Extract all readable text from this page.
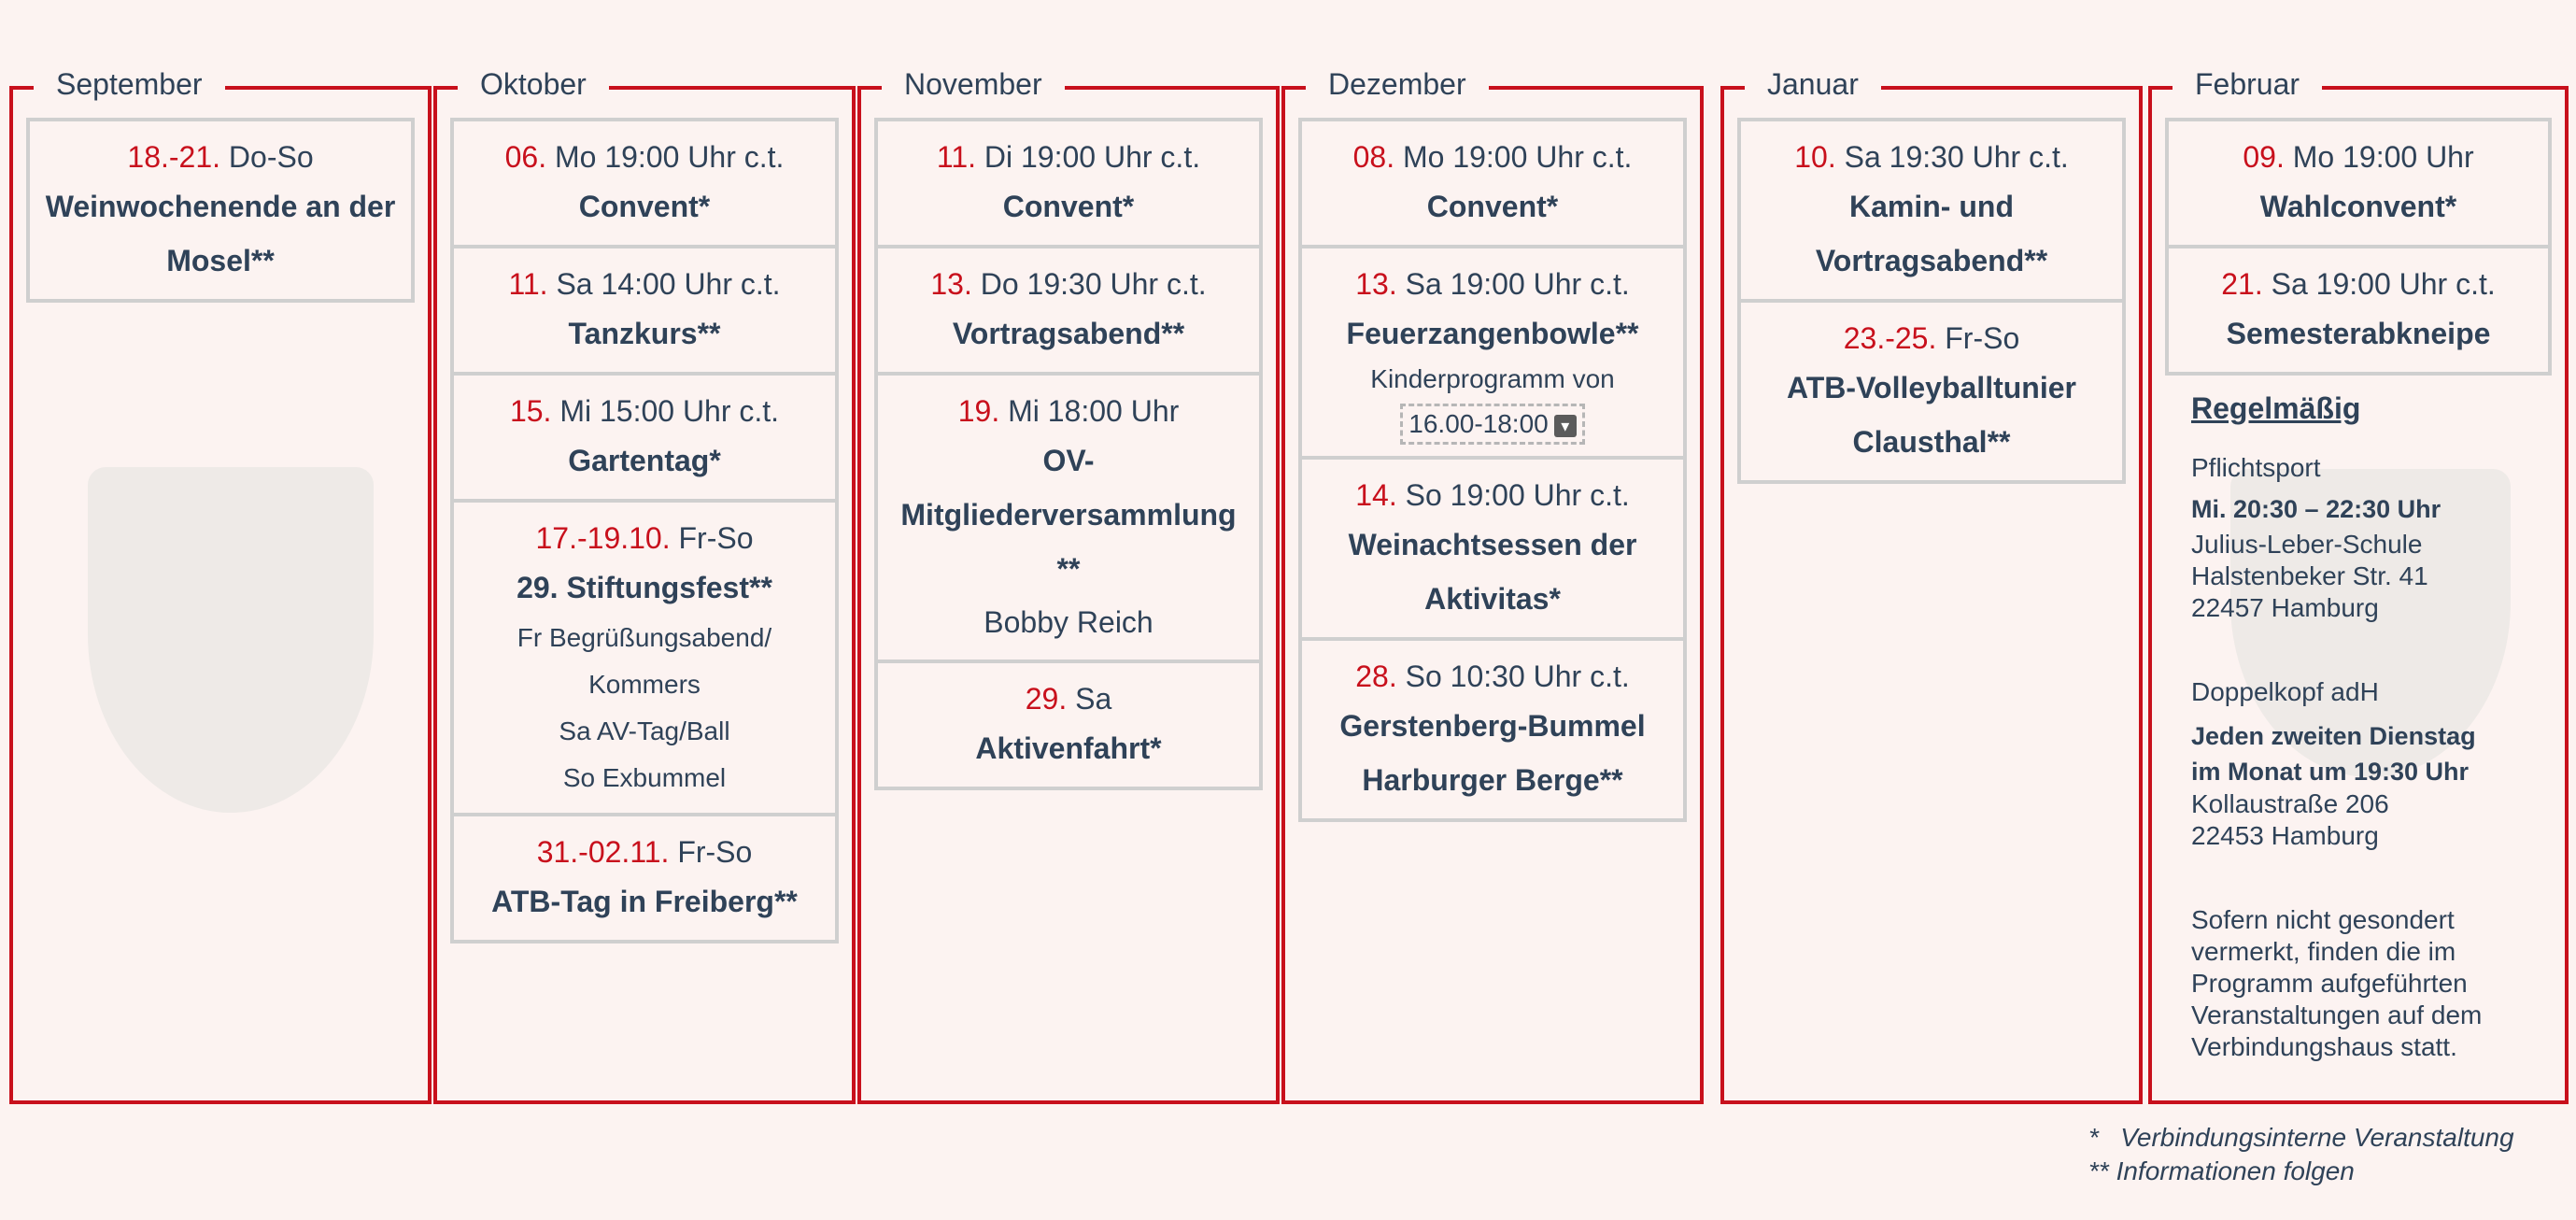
September
18.-21. Do-So
Weinwochenende an der Mosel**
Oktober
06. Mo 19:00 Uhr c.t.
Convent*
11. Sa 14:00 Uhr c.t.
Tanzkurs**
15. Mi 15:00 Uhr c.t.
Gartentag*
17.-19.10. Fr-So
29. Stiftungsfest**
Fr Begrüßungsabend/ Kommers
Sa AV-Tag/Ball
So Exbummel
31.-02.11. Fr-So
ATB-Tag in Freiberg**
November
11. Di 19:00 Uhr c.t.
Convent*
13. Do 19:30 Uhr c.t.
Vortragsabend**
19. Mi 18:00 Uhr
OV-Mitgliederversammlung **
Bobby Reich
29. Sa
Aktivenfahrt*
Dezember
08. Mo 19:00 Uhr c.t.
Convent*
13. Sa 19:00 Uhr c.t.
Feuerzangenbowle**
Kinderprogramm von
16.00-18:00 ▾
14. So 19:00 Uhr c.t.
Weinachtsessen der Aktivitas*
28. So 10:30 Uhr c.t.
Gerstenberg-Bummel Harburger Berge**
Januar
10. Sa 19:30 Uhr c.t.
Kamin- und Vortragsabend**
23.-25. Fr-So
ATB-Volleyballtunier Clausthal**
Februar
09. Mo 19:00 Uhr
Wahlconvent*
21. Sa 19:00 Uhr c.t.
Semesterabkneipe
Regelmäßig
Pflichtsport
Mi. 20:30 – 22:30 Uhr
Julius-Leber-Schule
Halstenbeker Str. 41
22457 Hamburg
Doppelkopf adH
Jeden zweiten Dienstag
im Monat um 19:30 Uhr
Kollaustraße 206
22453 Hamburg
Sofern nicht gesondert
vermerkt, finden die im
Programm aufgeführten
Veranstaltungen auf dem
Verbindungshaus statt.
*   Verbindungsinterne Veranstaltung
** Informationen folgen
